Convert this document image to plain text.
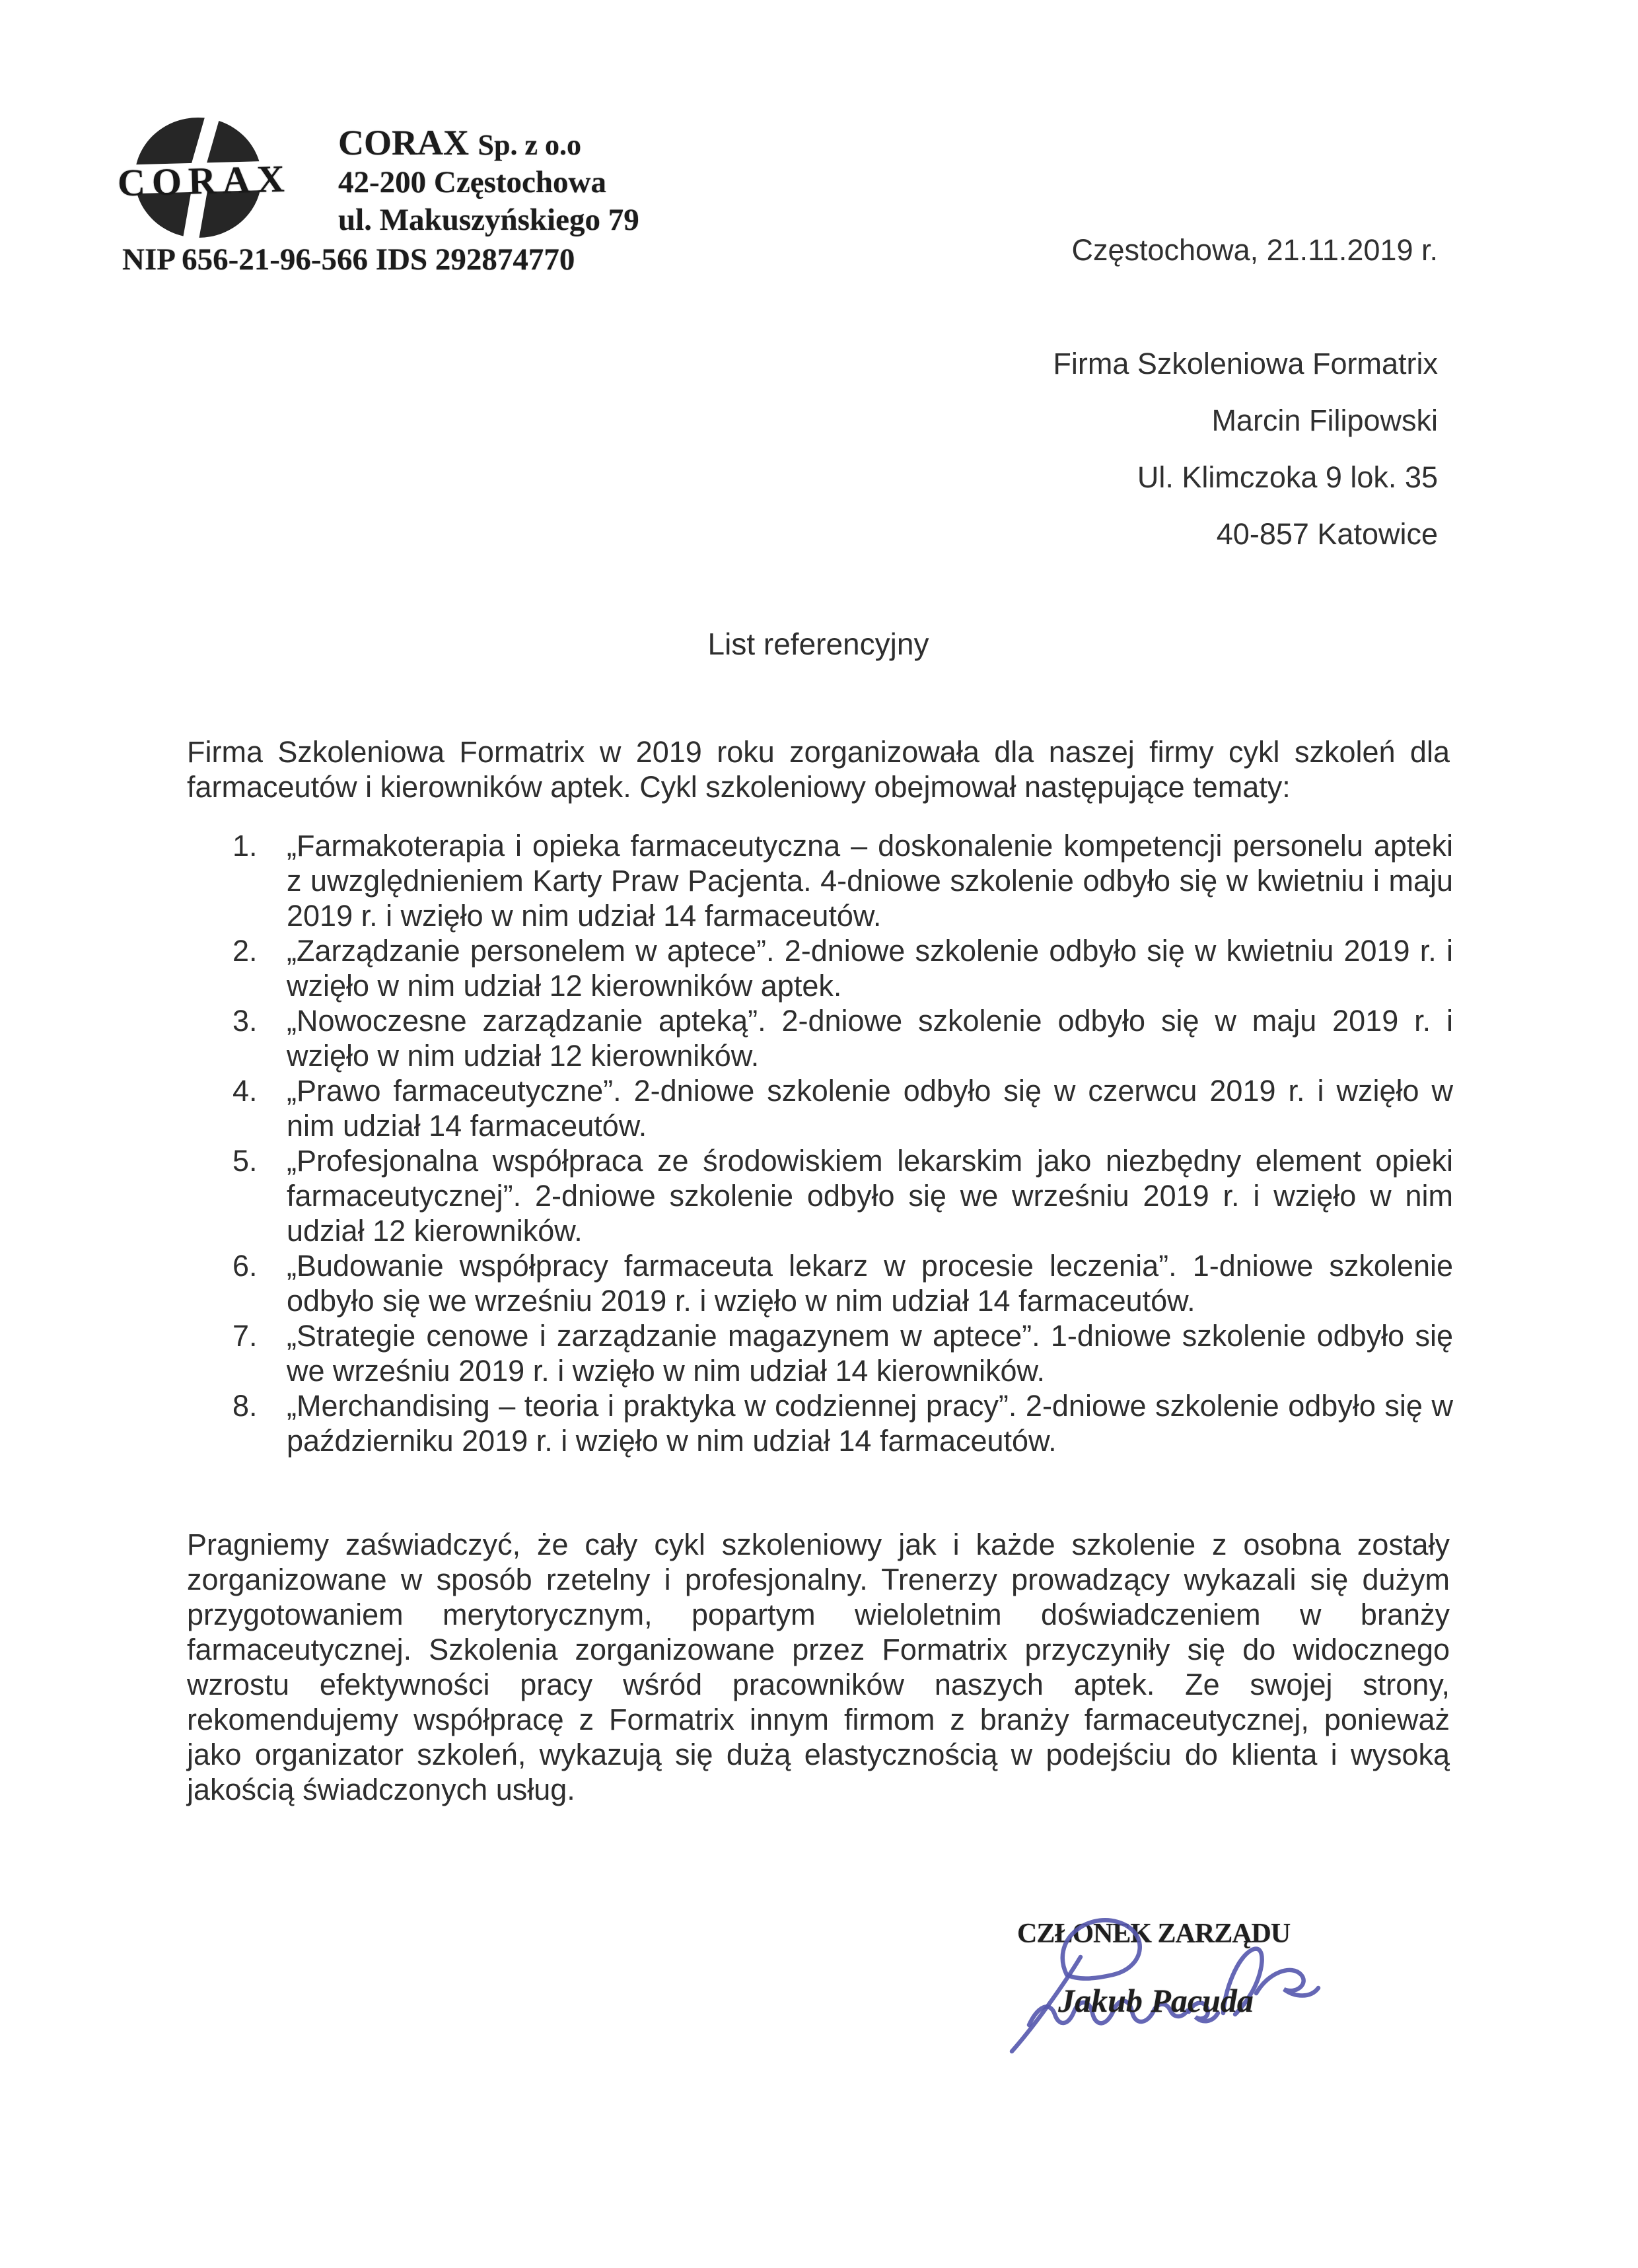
CORAX
CORAX Sp. z o.o
42-200 Częstochowa
ul. Makuszyńskiego 79
NIP 656-21-96-566 IDS 292874770	Częstochowa, 21.11.2019 r.
Firma Szkoleniowa Formatrix
Marcin Filipowski
Ul. Klimczoka 9 lok. 35
40-857 Katowice
List referencyjny

Firma Szkoleniowa Formatrix w 2019 roku zorganizowała dla naszej firmy cykl szkoleń dla farmaceutów i kierowników aptek. Cykl szkoleniowy obejmował następujące tematy:

1. „Farmakoterapia i opieka farmaceutyczna – doskonalenie kompetencji personelu apteki z uwzględnieniem Karty Praw Pacjenta. 4-dniowe szkolenie odbyło się w kwietniu i maju 2019 r. i wzięło w nim udział 14 farmaceutów.
2. „Zarządzanie personelem w aptece”. 2-dniowe szkolenie odbyło się w kwietniu 2019 r. i wzięło w nim udział 12 kierowników aptek.
3. „Nowoczesne zarządzanie apteką”. 2-dniowe szkolenie odbyło się w maju 2019 r. i wzięło w nim udział 12 kierowników.
4. „Prawo farmaceutyczne”. 2-dniowe szkolenie odbyło się w czerwcu 2019 r. i wzięło w nim udział 14 farmaceutów.
5. „Profesjonalna współpraca ze środowiskiem lekarskim jako niezbędny element opieki farmaceutycznej”. 2-dniowe szkolenie odbyło się we wrześniu 2019 r. i wzięło w nim udział 12 kierowników.
6. „Budowanie współpracy farmaceuta lekarz w procesie leczenia”. 1-dniowe szkolenie odbyło się we wrześniu 2019 r. i wzięło w nim udział 14 farmaceutów.
7. „Strategie cenowe i zarządzanie magazynem w aptece”. 1-dniowe szkolenie odbyło się we wrześniu 2019 r. i wzięło w nim udział 14 kierowników.
8. „Merchandising – teoria i praktyka w codziennej pracy”. 2-dniowe szkolenie odbyło się w październiku 2019 r. i wzięło w nim udział 14 farmaceutów.

Pragniemy zaświadczyć, że cały cykl szkoleniowy jak i każde szkolenie z osobna zostały zorganizowane w sposób rzetelny i profesjonalny. Trenerzy prowadzący wykazali się dużym przygotowaniem merytorycznym, popartym wieloletnim doświadczeniem w branży farmaceutycznej. Szkolenia zorganizowane przez Formatrix przyczyniły się do widocznego wzrostu efektywności pracy wśród pracowników naszych aptek. Ze swojej strony, rekomendujemy współpracę z Formatrix innym firmom z branży farmaceutycznej, ponieważ jako organizator szkoleń, wykazują się dużą elastycznością w podejściu do klienta i wysoką jakością świadczonych usług.

CZŁONEK ZARZĄDU
Jakub Pacuda
